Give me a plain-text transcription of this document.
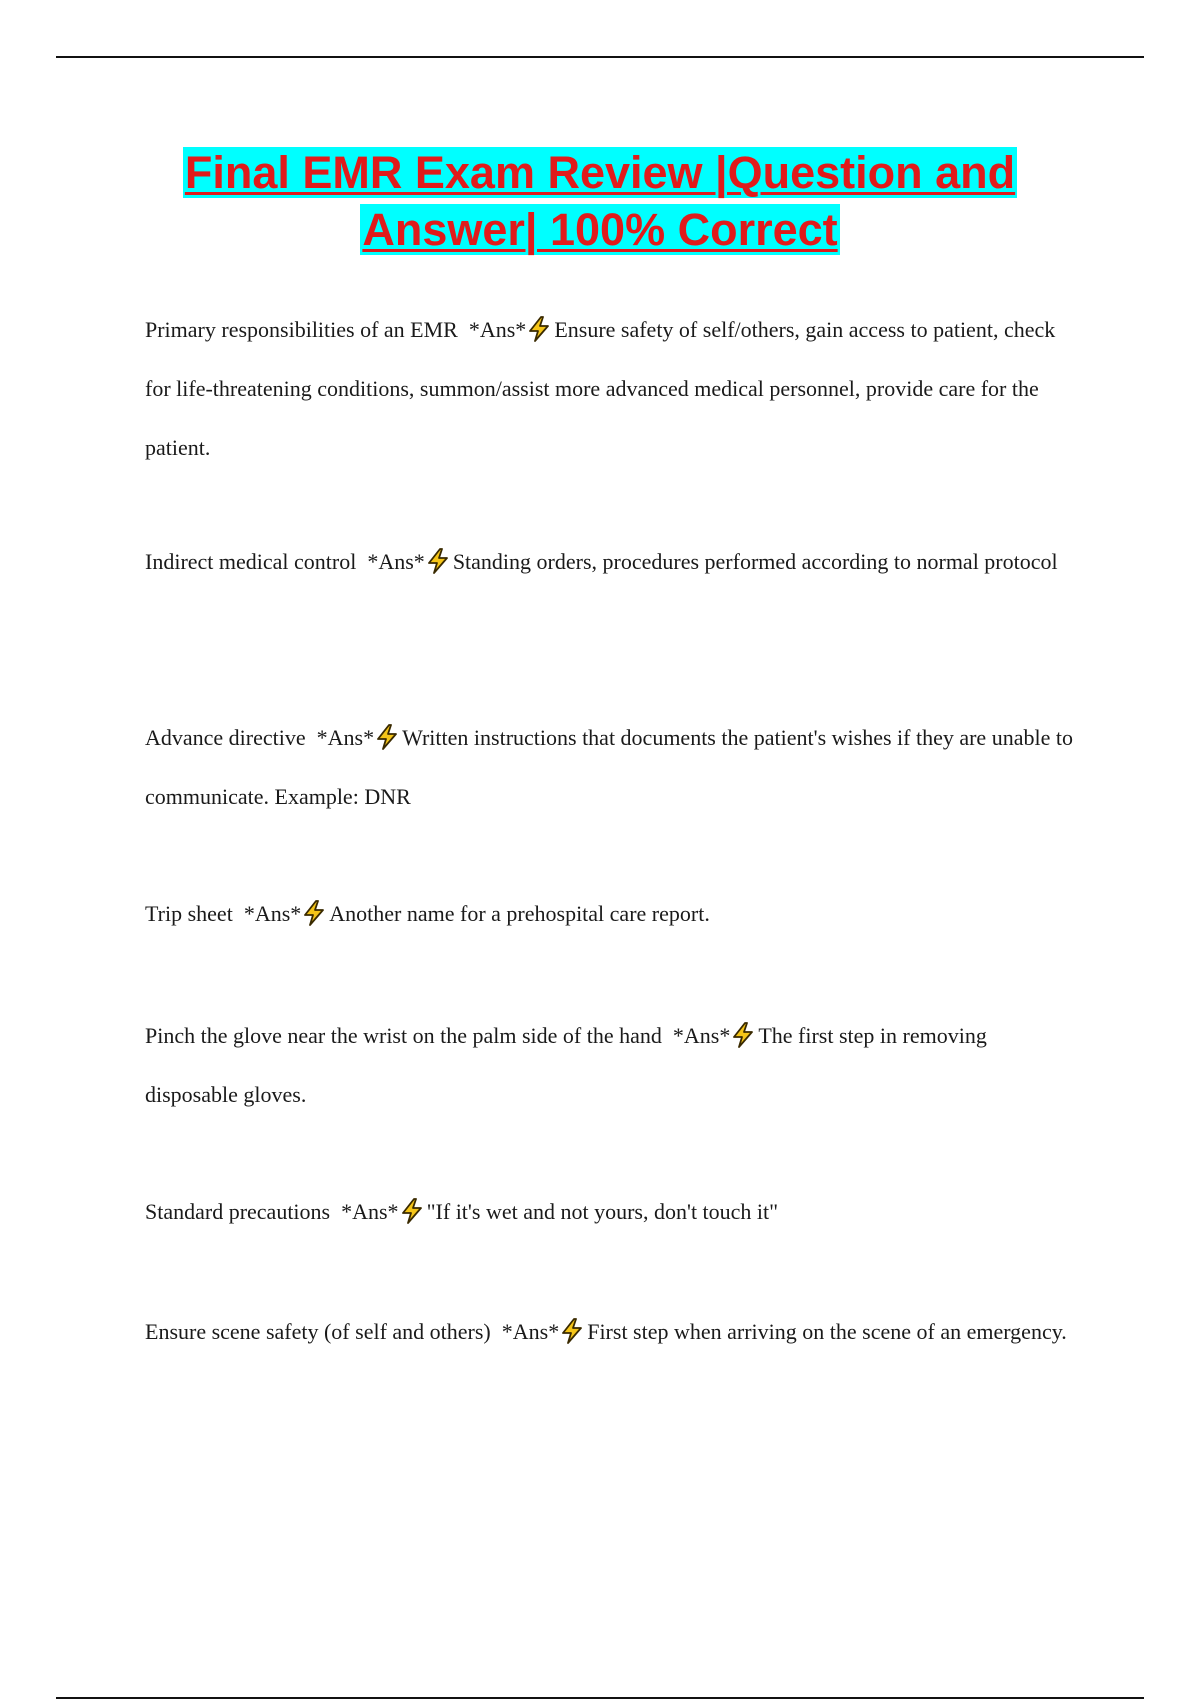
Final EMR Exam Review |Question and Answer| 100% Correct

Primary responsibilities of an EMR *Ans* Ensure safety of self/others, gain access to patient, check for life-threatening conditions, summon/assist more advanced medical personnel, provide care for the patient.

Indirect medical control *Ans* Standing orders, procedures performed according to normal protocol

Advance directive *Ans* Written instructions that documents the patient's wishes if they are unable to communicate. Example: DNR

Trip sheet *Ans* Another name for a prehospital care report.

Pinch the glove near the wrist on the palm side of the hand *Ans* The first step in removing disposable gloves.

Standard precautions *Ans* "If it's wet and not yours, don't touch it"

Ensure scene safety (of self and others) *Ans* First step when arriving on the scene of an emergency.
